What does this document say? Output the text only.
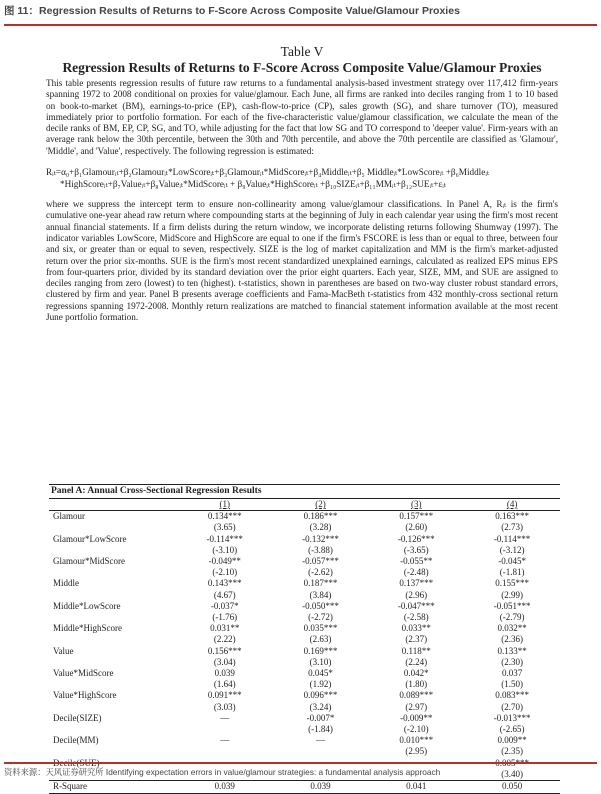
图 11：Regression Results of Returns to F-Score Across Composite Value/Glamour Proxies

Table V

Regression Results of Returns to F-Score Across Composite Value/Glamour Proxies

This table presents regression results of future raw returns to a fundamental analysis-based investment strategy over 117,412 firm-years spanning 1972 to 2008 conditional on proxies for value/glamour. Each June, all firms are ranked into deciles ranging from 1 to 10 based on book-to-market (BM), earnings-to-price (EP), cash-flow-to-price (CP), sales growth (SG), and share turnover (TO), measured immediately prior to portfolio formation. For each of the five-characteristic value/glamour classification, we calculate the mean of the decile ranks of BM, EP, CP, SG, and TO, while adjusting for the fact that low SG and TO correspond to 'deeper value'. Firm-years with an average rank below the 30th percentile, between the 30th and 70th percentile, and above the 70th percentile are classified as 'Glamour', 'Middle', and 'Value', respectively. The following regression is estimated:

Rᵢₜ=α₀+β₁Glamourᵢₜ+β₂Glamourᵢₜ*LowScoreᵢₜ+β₃Glamourᵢₜ*MidScoreᵢₜ+β₄Middleᵢₜ+β₅ Middleᵢₜ*LowScoreᵢₜ +β₆Middleᵢₜ
*HighScoreᵢₜ+β₇Valueᵢₜ+β₈Valueᵢₜ*MidScoreᵢₜ + β₉Valueᵢₜ*HighScoreᵢₜ +β₁₀SIZEᵢₜ+β₁₁MMᵢₜ+β₁₂SUEᵢₜ+εᵢₜ

where we suppress the intercept term to ensure non-collinearity among value/glamour classifications. In Panel A, Rᵢₜ is the firm's cumulative one-year ahead raw return where compounding starts at the beginning of July in each calendar year using the firm's most recent annual financial statements. If a firm delists during the return window, we incorporate delisting returns following Shumway (1997). The indicator variables LowScore, MidScore and HighScore are equal to one if the firm's FSCORE is less than or equal to three, between four and six, or greater than or equal to seven, respectively. SIZE is the log of market capitalization and MM is the firm's market-adjusted return over the prior six-months. SUE is the firm's most recent standardized unexplained earnings, calculated as realized EPS minus EPS from four-quarters prior, divided by its standard deviation over the prior eight quarters. Each year, SIZE, MM, and SUE are assigned to deciles ranging from zero (lowest) to ten (highest). t-statistics, shown in parentheses are based on two-way cluster robust standard errors, clustered by firm and year. Panel B presents average coefficients and Fama-MacBeth t-statistics from 432 monthly-cross sectional return regressions spanning 1972-2008. Monthly return realizations are matched to financial statement information available at the most recent June portfolio formation.

Panel A: Annual Cross-Sectional Regression Results
	(1)	(2)	(3)	(4)
Glamour	0.134***	0.186***	0.157***	0.163***
	(3.65)	(3.28)	(2.60)	(2.73)
Glamour*LowScore	-0.114***	-0.132***	-0.126***	-0.114***
	(-3.10)	(-3.88)	(-3.65)	(-3.12)
Glamour*MidScore	-0.049**	-0.057***	-0.055**	-0.045*
	(-2.10)	(-2.62)	(-2.48)	(-1.81)
Middle	0.143***	0.187***	0.137***	0.155***
	(4.67)	(3.84)	(2.96)	(2.99)
Middle*LowScore	-0.037*	-0.050***	-0.047***	-0.051***
	(-1.76)	(-2.72)	(-2.58)	(-2.79)
Middle*HighScore	0.031**	0.035***	0.033**	0.032**
	(2.22)	(2.63)	(2.37)	(2.36)
Value	0.156***	0.169***	0.118**	0.133**
	(3.04)	(3.10)	(2.24)	(2.30)
Value*MidScore	0.039	0.045*	0.042*	0.037
	(1.64)	(1.92)	(1.80)	(1.50)
Value*HighScore	0.091***	0.096***	0.089***	0.083***
	(3.03)	(3.24)	(2.97)	(2.70)
Decile(SIZE)	—	-0.007*	-0.009**	-0.013***
		(-1.84)	(-2.10)	(-2.65)
Decile(MM)	—	—	0.010***	0.009**
			(2.95)	(2.35)
Decile(SUE)	—	—	—	0.005***
				(3.40)
R-Square	0.039	0.039	0.041	0.050
资料来源：天风证券研究所 Identifying expectation errors in value/glamour strategies: a fundamental analysis approach
